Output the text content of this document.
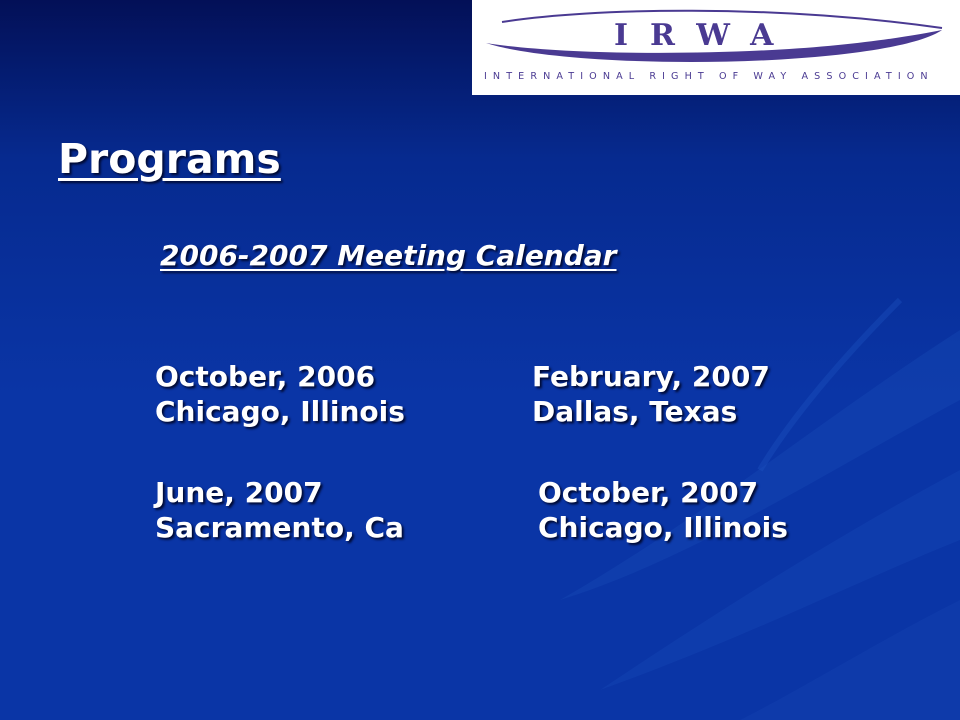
IRWA
INTERNATIONAL RIGHT OF WAY ASSOCIATION
Programs
2006-2007 Meeting Calendar
October, 2006
Chicago, Illinois
February, 2007
Dallas, Texas
June, 2007
Sacramento, Ca
October, 2007
Chicago, Illinois
